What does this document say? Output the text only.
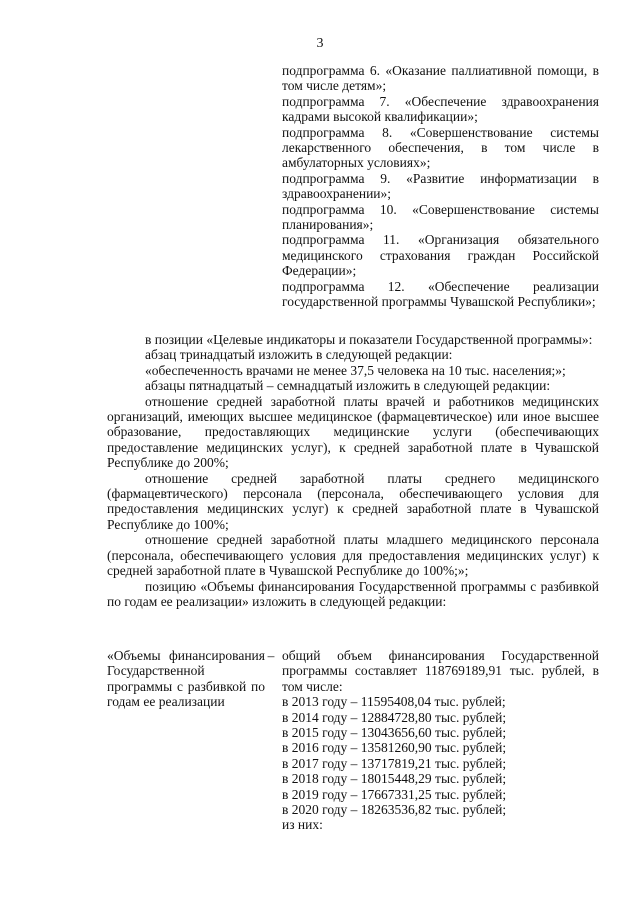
3

подпрограмма 6. «Оказание паллиативной помощи, в том числе детям»;

подпрограмма 7. «Обеспечение здравоохранения кадрами высокой квалификации»;

подпрограмма 8. «Совершенствование системы лекарственного обеспечения, в том числе в амбулаторных условиях»;

подпрограмма 9. «Развитие информатизации в здравоохранении»;

подпрограмма 10. «Совершенствование системы планирования»;

подпрограмма 11. «Организация обязательного медицинского страхования граждан Российской Федерации»;

подпрограмма 12. «Обеспечение реализации государственной программы Чувашской Республики»;

в позиции «Целевые индикаторы и показатели Государственной программы»:

абзац тринадцатый изложить в следующей редакции:

«обеспеченность врачами не менее 37,5 человека на 10 тыс. населения;»;

абзацы пятнадцатый – семнадцатый изложить в следующей редакции:

отношение средней заработной платы врачей и работников медицинских организаций, имеющих высшее медицинское (фармацевтическое) или иное высшее образование, предоставляющих медицинские услуги (обеспечивающих предоставление медицинских услуг), к средней заработной плате в Чувашской Республике до 200%;

отношение средней заработной платы среднего медицинского (фармацевтического) персонала (персонала, обеспечивающего условия для предоставления медицинских услуг) к средней заработной плате в Чувашской Республике до 100%;

отношение средней заработной платы младшего медицинского персонала (персонала, обеспечивающего условия для предоставления медицинских услуг) к средней заработной плате в Чувашской Республике до 100%;»;

позицию «Объемы финансирования Государственной программы с разбивкой по годам ее реализации» изложить в следующей редакции:

«Объемы финансирования Государственной программы с разбивкой по годам ее реализации
– общий объем финансирования Государственной программы составляет 118769189,91 тыс. рублей, в том числе:

в 2013 году – 11595408,04 тыс. рублей;

в 2014 году – 12884728,80 тыс. рублей;

в 2015 году – 13043656,60 тыс. рублей;

в 2016 году – 13581260,90 тыс. рублей;

в 2017 году – 13717819,21 тыс. рублей;

в 2018 году – 18015448,29 тыс. рублей;

в 2019 году – 17667331,25 тыс. рублей;

в 2020 году – 18263536,82 тыс. рублей;

из них:
